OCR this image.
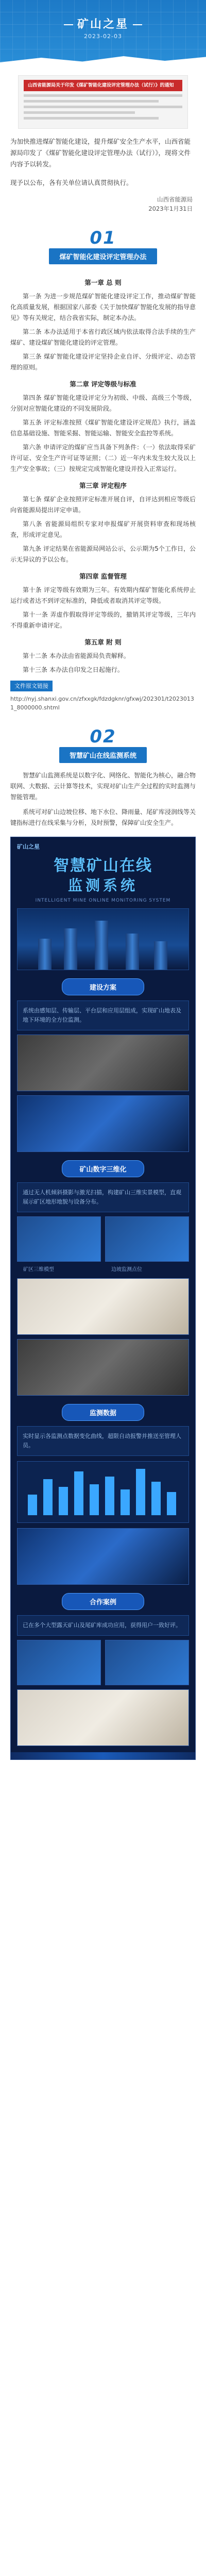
矿山之星
2023-02-03
山西省能源局关于印发《煤矿智能化建设评定管理办法（试行）》的通知

为加快推进煤矿智能化建设，提升煤矿安全生产水平，山西省能源局印发了《煤矿智能化建设评定管理办法（试行）》，现将文件内容予以转发。

现予以公布，各有关单位请认真贯彻执行。

山西省能源局
2023年1月31日
01
煤矿智能化建设评定管理办法
第一章 总 则

第一条 为进一步规范煤矿智能化建设评定工作，推动煤矿智能化高质量发展，根据国家八部委《关于加快煤矿智能化发展的指导意见》等有关规定，结合我省实际，制定本办法。

第二条 本办法适用于本省行政区域内依法取得合法手续的生产煤矿、建设煤矿智能化建设的评定管理。

第三条 煤矿智能化建设评定坚持企业自评、分级评定、动态管理的原则。

第二章 评定等级与标准

第四条 煤矿智能化建设评定分为初级、中级、高级三个等级，分别对应智能化建设的不同发展阶段。

第五条 评定标准按照《煤矿智能化建设评定规范》执行，涵盖信息基础设施、智能采掘、智能运输、智能安全监控等系统。

第六条 申请评定的煤矿应当具备下列条件：（一）依法取得采矿许可证、安全生产许可证等证照；（二）近一年内未发生较大及以上生产安全事故；（三）按规定完成智能化建设并投入正常运行。

第三章 评定程序

第七条 煤矿企业按照评定标准开展自评，自评达到相应等级后向省能源局提出评定申请。

第八条 省能源局组织专家对申报煤矿开展资料审查和现场核查，形成评定意见。

第九条 评定结果在省能源局网站公示，公示期为5个工作日，公示无异议的予以公布。

第四章 监督管理

第十条 评定等级有效期为三年。有效期内煤矿智能化系统停止运行或者达不到评定标准的，降低或者取消其评定等级。

第十一条 弄虚作假取得评定等级的，撤销其评定等级，三年内不得重新申请评定。

第五章 附 则

第十二条 本办法由省能源局负责解释。

第十三条 本办法自印发之日起施行。

文件原文链接
http://nyj.shanxi.gov.cn/zfxxgk/fdzdgknr/gfxwj/202301/t20230131_8000000.shtml
02
智慧矿山在线监测系统

智慧矿山监测系统是以数字化、网络化、智能化为核心，融合物联网、大数据、云计算等技术，实现对矿山生产全过程的实时监测与智能管理。

系统可对矿山边坡位移、地下水位、降雨量、尾矿库浸润线等关键指标进行在线采集与分析，及时预警，保障矿山安全生产。

矿山之星
智慧矿山在线
监测系统
INTELLIGENT MINE ONLINE MONITORING SYSTEM
建设方案
系统由感知层、传输层、平台层和应用层组成，实现矿山地表及地下环境的全方位监测。
矿山数字三维化
通过无人机倾斜摄影与激光扫描，构建矿山三维实景模型，直观展示矿区地形地貌与设备分布。
矿区三维模型	边坡监测点位
监测数据
实时显示各监测点数据变化曲线，超限自动报警并推送至管理人员。
合作案例
已在多个大型露天矿山及尾矿库成功应用，获得用户一致好评。
